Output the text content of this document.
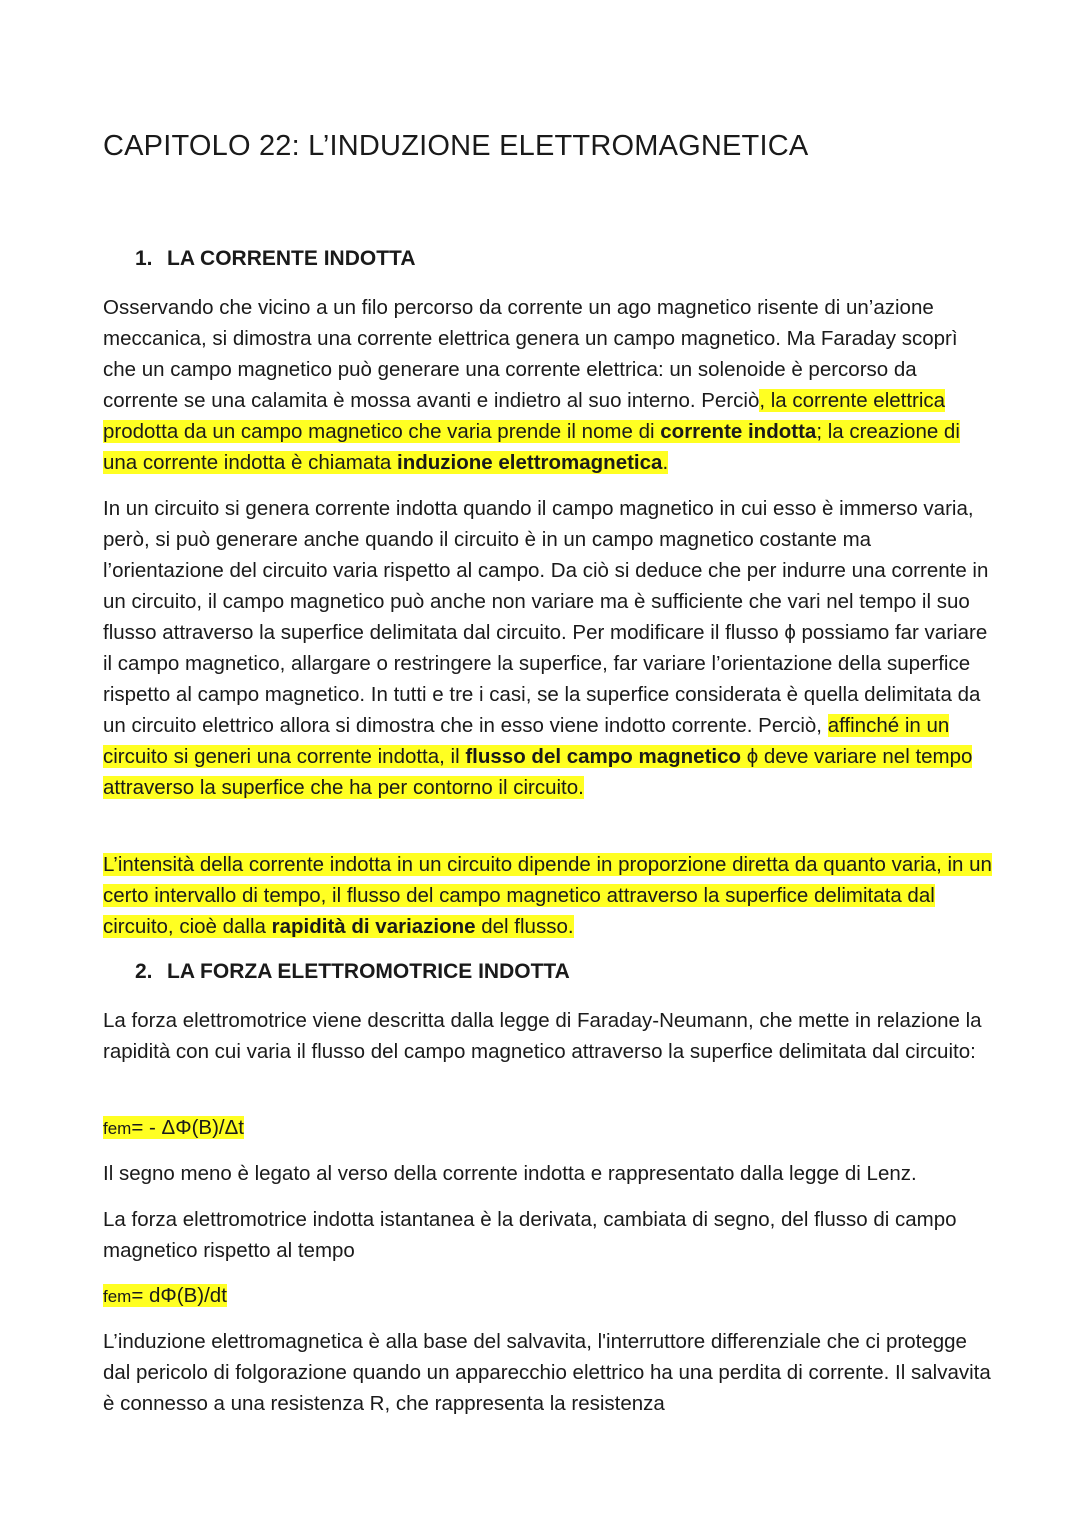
CAPITOLO 22: L’INDUZIONE ELETTROMAGNETICA
1. LA CORRENTE INDOTTA

Osservando che vicino a un filo percorso da corrente un ago magnetico risente di un’azione meccanica, si dimostra una corrente elettrica genera un campo magnetico. Ma Faraday scoprì che un campo magnetico può generare una corrente elettrica: un solenoide è percorso da corrente se una calamita è mossa avanti e indietro al suo interno. Perciò, la corrente elettrica prodotta da un campo magnetico che varia prende il nome di corrente indotta; la creazione di una corrente indotta è chiamata induzione elettromagnetica.

In un circuito si genera corrente indotta quando il campo magnetico in cui esso è immerso varia, però, si può generare anche quando il circuito è in un campo magnetico costante ma l’orientazione del circuito varia rispetto al campo. Da ciò si deduce che per indurre una corrente in un circuito, il campo magnetico può anche non variare ma è sufficiente che vari nel tempo il suo flusso attraverso la superfice delimitata dal circuito. Per modificare il flusso ϕ possiamo far variare il campo magnetico, allargare o restringere la superfice, far variare l’orientazione della superfice rispetto al campo magnetico. In tutti e tre i casi, se la superfice considerata è quella delimitata da un circuito elettrico allora si dimostra che in esso viene indotto corrente. Perciò, affinché in un circuito si generi una corrente indotta, il flusso del campo magnetico ϕ deve variare nel tempo attraverso la superfice che ha per contorno il circuito.

L’intensità della corrente indotta in un circuito dipende in proporzione diretta da quanto varia, in un certo intervallo di tempo, il flusso del campo magnetico attraverso la superfice delimitata dal circuito, cioè dalla rapidità di variazione del flusso.

2. LA FORZA ELETTROMOTRICE INDOTTA

La forza elettromotrice viene descritta dalla legge di Faraday-Neumann, che mette in relazione la rapidità con cui varia il flusso del campo magnetico attraverso la superfice delimitata dal circuito:

fem= - ΔΦ(B)/Δt

Il segno meno è legato al verso della corrente indotta e rappresentato dalla legge di Lenz.

La forza elettromotrice indotta istantanea è la derivata, cambiata di segno, del flusso di campo magnetico rispetto al tempo

fem= dΦ(B)/dt

L’induzione elettromagnetica è alla base del salvavita, l'interruttore differenziale che ci protegge dal pericolo di folgorazione quando un apparecchio elettrico ha una perdita di corrente. Il salvavita è connesso a una resistenza R, che rappresenta la resistenza
